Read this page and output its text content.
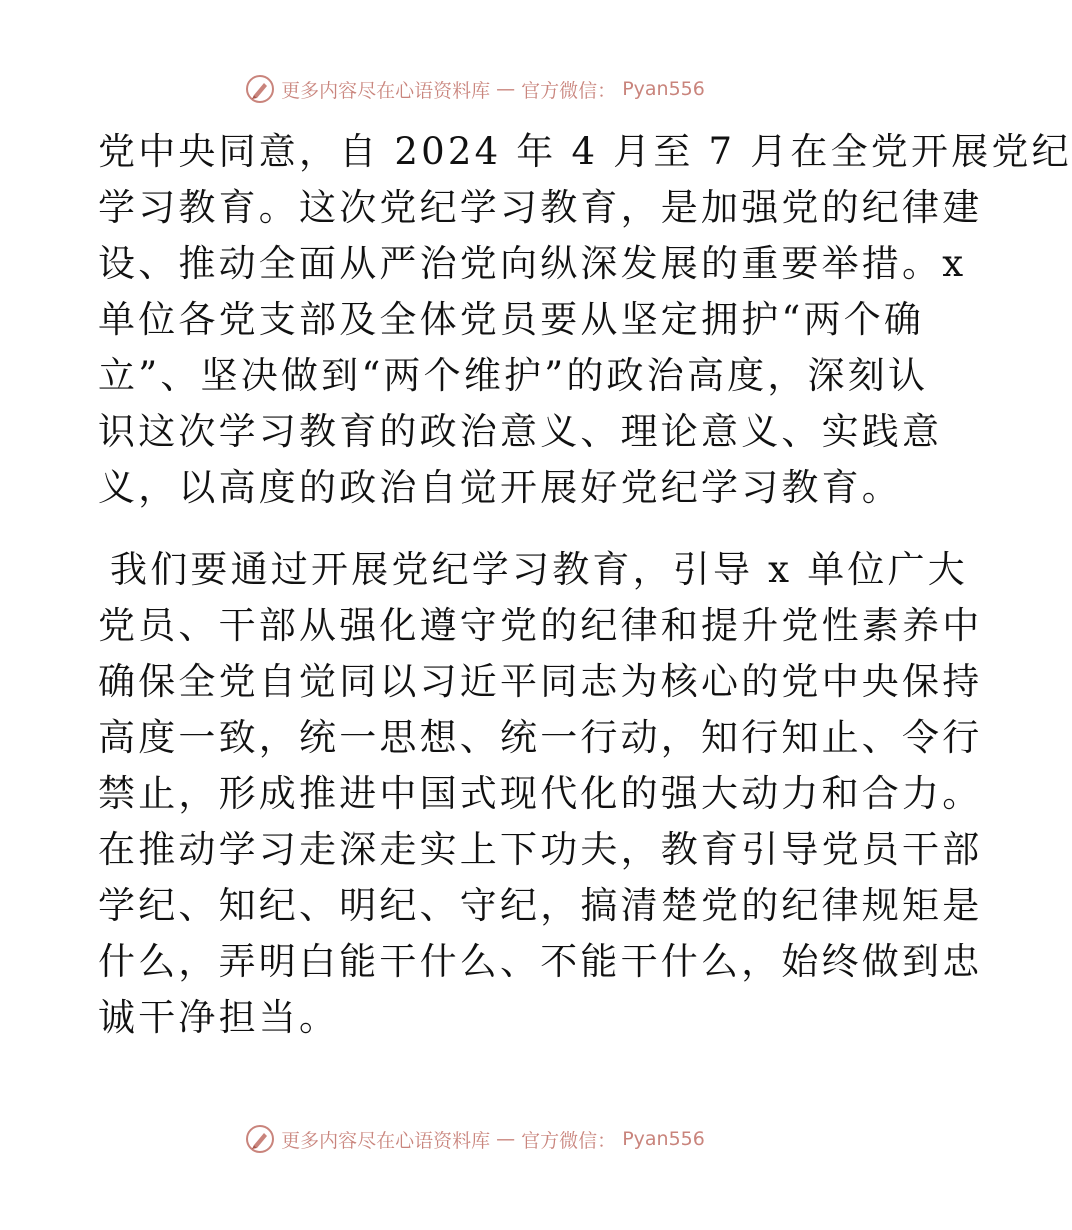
更多内容尽在心语资料库 — 官方微信： Pyan556
党中央同意，自 2024 年 4 月至 7 月在全党开展党纪
学习教育。这次党纪学习教育，是加强党的纪律建
设、推动全面从严治党向纵深发展的重要举措。x
单位各党支部及全体党员要从坚定拥护“两个确
立”、坚决做到“两个维护”的政治高度，深刻认
识这次学习教育的政治意义、理论意义、实践意
义，以高度的政治自觉开展好党纪学习教育。
我们要通过开展党纪学习教育，引导 x 单位广大
党员、干部从强化遵守党的纪律和提升党性素养中
确保全党自觉同以习近平同志为核心的党中央保持
高度一致，统一思想、统一行动，知行知止、令行
禁止，形成推进中国式现代化的强大动力和合力。
在推动学习走深走实上下功夫，教育引导党员干部
学纪、知纪、明纪、守纪，搞清楚党的纪律规矩是
什么，弄明白能干什么、不能干什么，始终做到忠
诚干净担当。
更多内容尽在心语资料库 — 官方微信： Pyan556
